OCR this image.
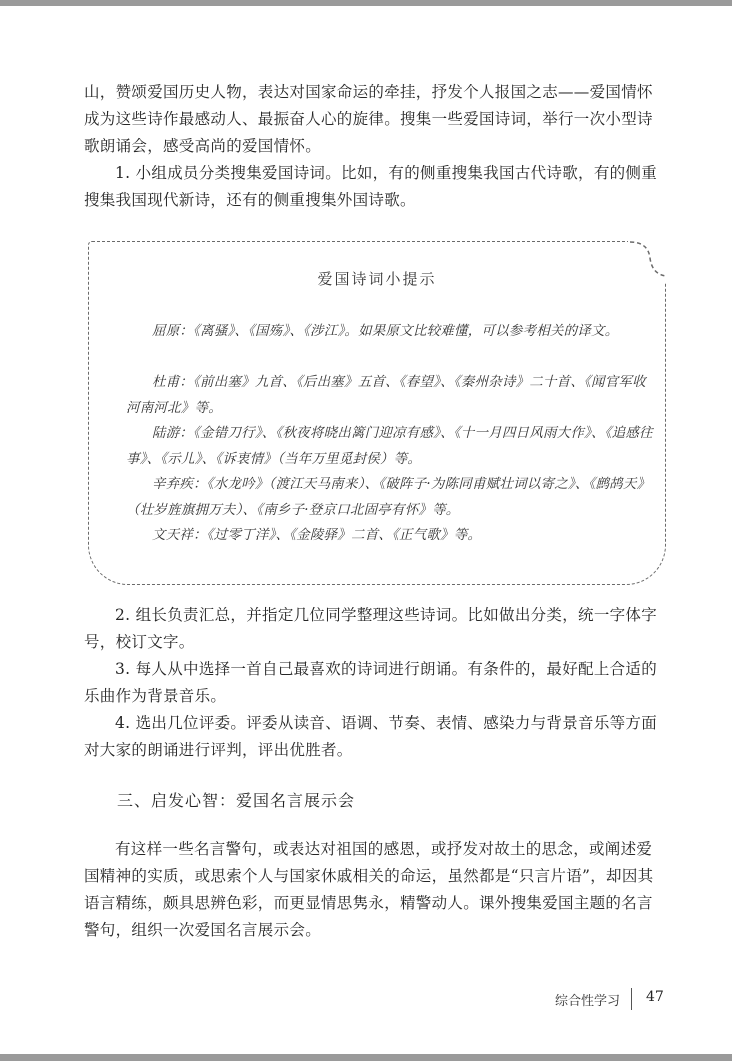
山，赞颂爱国历史人物，表达对国家命运的牵挂，抒发个人报国之志——爱国情怀成为这些诗作最感动人、最振奋人心的旋律。搜集一些爱国诗词，举行一次小型诗歌朗诵会，感受高尚的爱国情怀。

1. 小组成员分类搜集爱国诗词。比如，有的侧重搜集我国古代诗歌，有的侧重搜集我国现代新诗，还有的侧重搜集外国诗歌。

爱国诗词小提示
屈原：《离骚》、《国殇》、《涉江》。如果原文比较难懂，可以参考相关的译文。
杜甫：《前出塞》九首、《后出塞》五首、《春望》、《秦州杂诗》二十首、《闻官军收河南河北》等。
陆游：《金错刀行》、《秋夜将晓出篱门迎凉有感》、《十一月四日风雨大作》、《追感往事》、《示儿》、《诉衷情》（当年万里觅封侯）等。
辛弃疾：《水龙吟》（渡江天马南来）、《破阵子·为陈同甫赋壮词以寄之》、《鹧鸪天》（壮岁旌旗拥万夫）、《南乡子·登京口北固亭有怀》等。
文天祥：《过零丁洋》、《金陵驿》二首、《正气歌》等。

2. 组长负责汇总，并指定几位同学整理这些诗词。比如做出分类，统一字体字号，校订文字。

3. 每人从中选择一首自己最喜欢的诗词进行朗诵。有条件的，最好配上合适的乐曲作为背景音乐。

4. 选出几位评委。评委从读音、语调、节奏、表情、感染力与背景音乐等方面对大家的朗诵进行评判，评出优胜者。

三、启发心智：爱国名言展示会

有这样一些名言警句，或表达对祖国的感恩，或抒发对故土的思念，或阐述爱国精神的实质，或思索个人与国家休戚相关的命运，虽然都是“只言片语”，却因其语言精练，颇具思辨色彩，而更显情思隽永，精警动人。课外搜集爱国主题的名言警句，组织一次爱国名言展示会。

综合性学习 47
